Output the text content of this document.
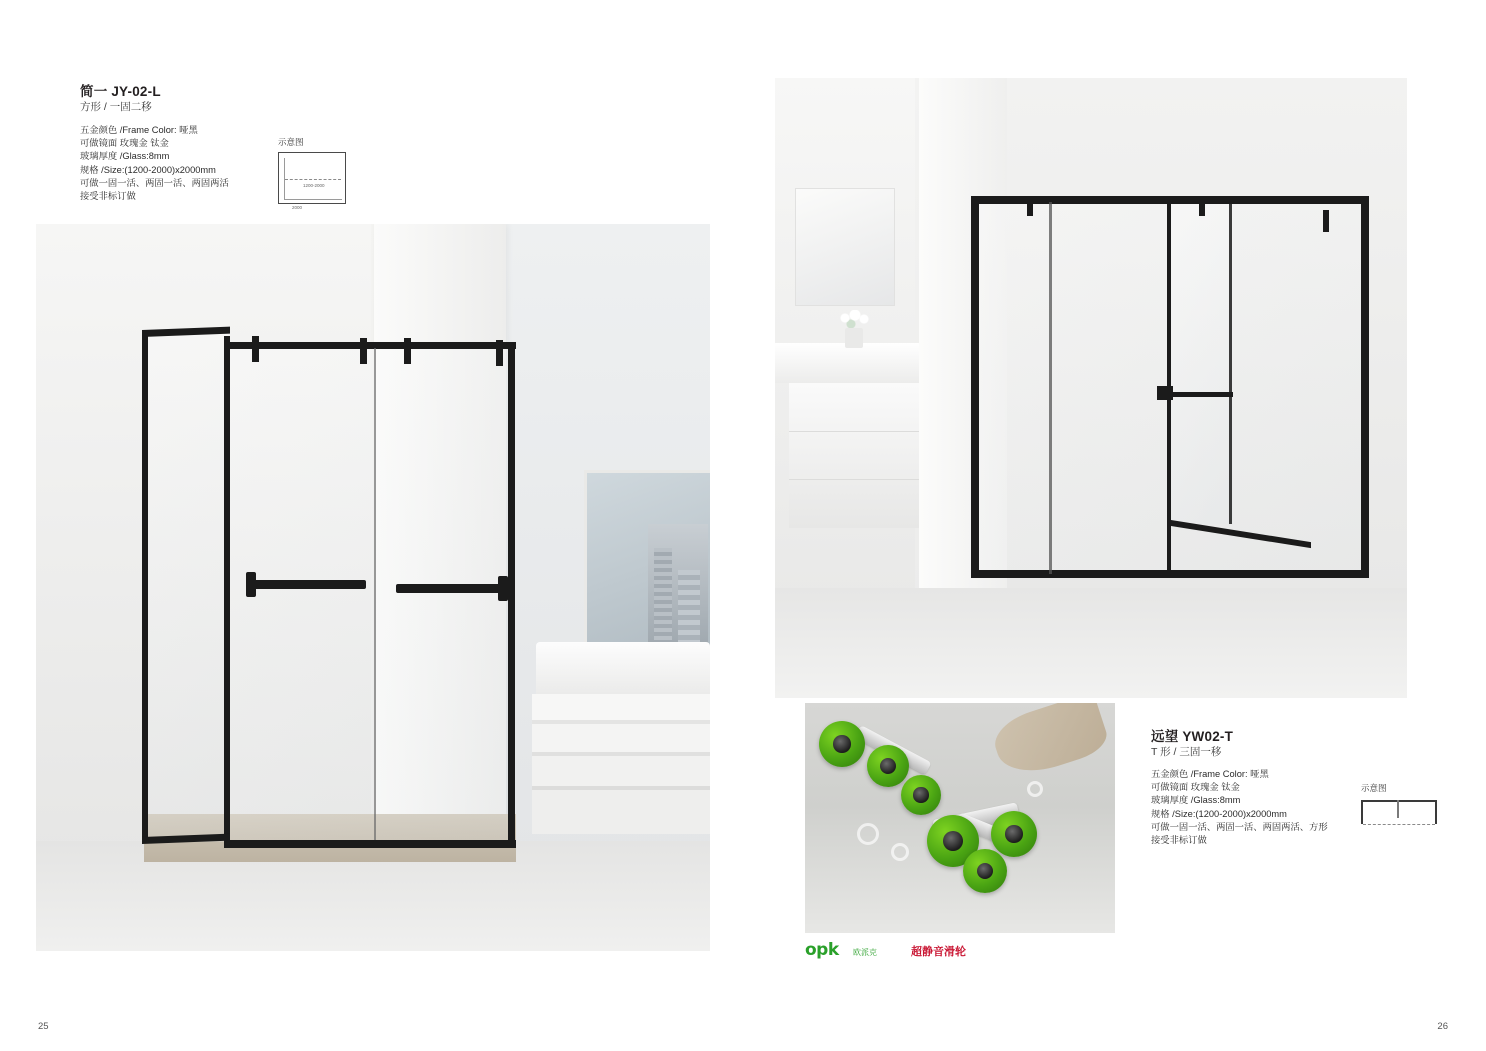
简一 JY-02-L
方形 / 一固二移
五金颜色 /Frame Color: 哑黑
可做镜面 玫瑰金 钛金
玻璃厚度 /Glass:8mm
规格 /Size:(1200-2000)x2000mm
可做一固一活、两固一活、两固两活
接受非标订做
示意图
1200-2000
2000
25
opk 欧派克	超静音滑轮
远望 YW02-T
T 形 / 三固一移
五金颜色 /Frame Color: 哑黑
可做镜面 玫瑰金 钛金
玻璃厚度 /Glass:8mm
规格 /Size:(1200-2000)x2000mm
可做一固一活、两固一活、两固两活、方形
接受非标订做
示意图
26
